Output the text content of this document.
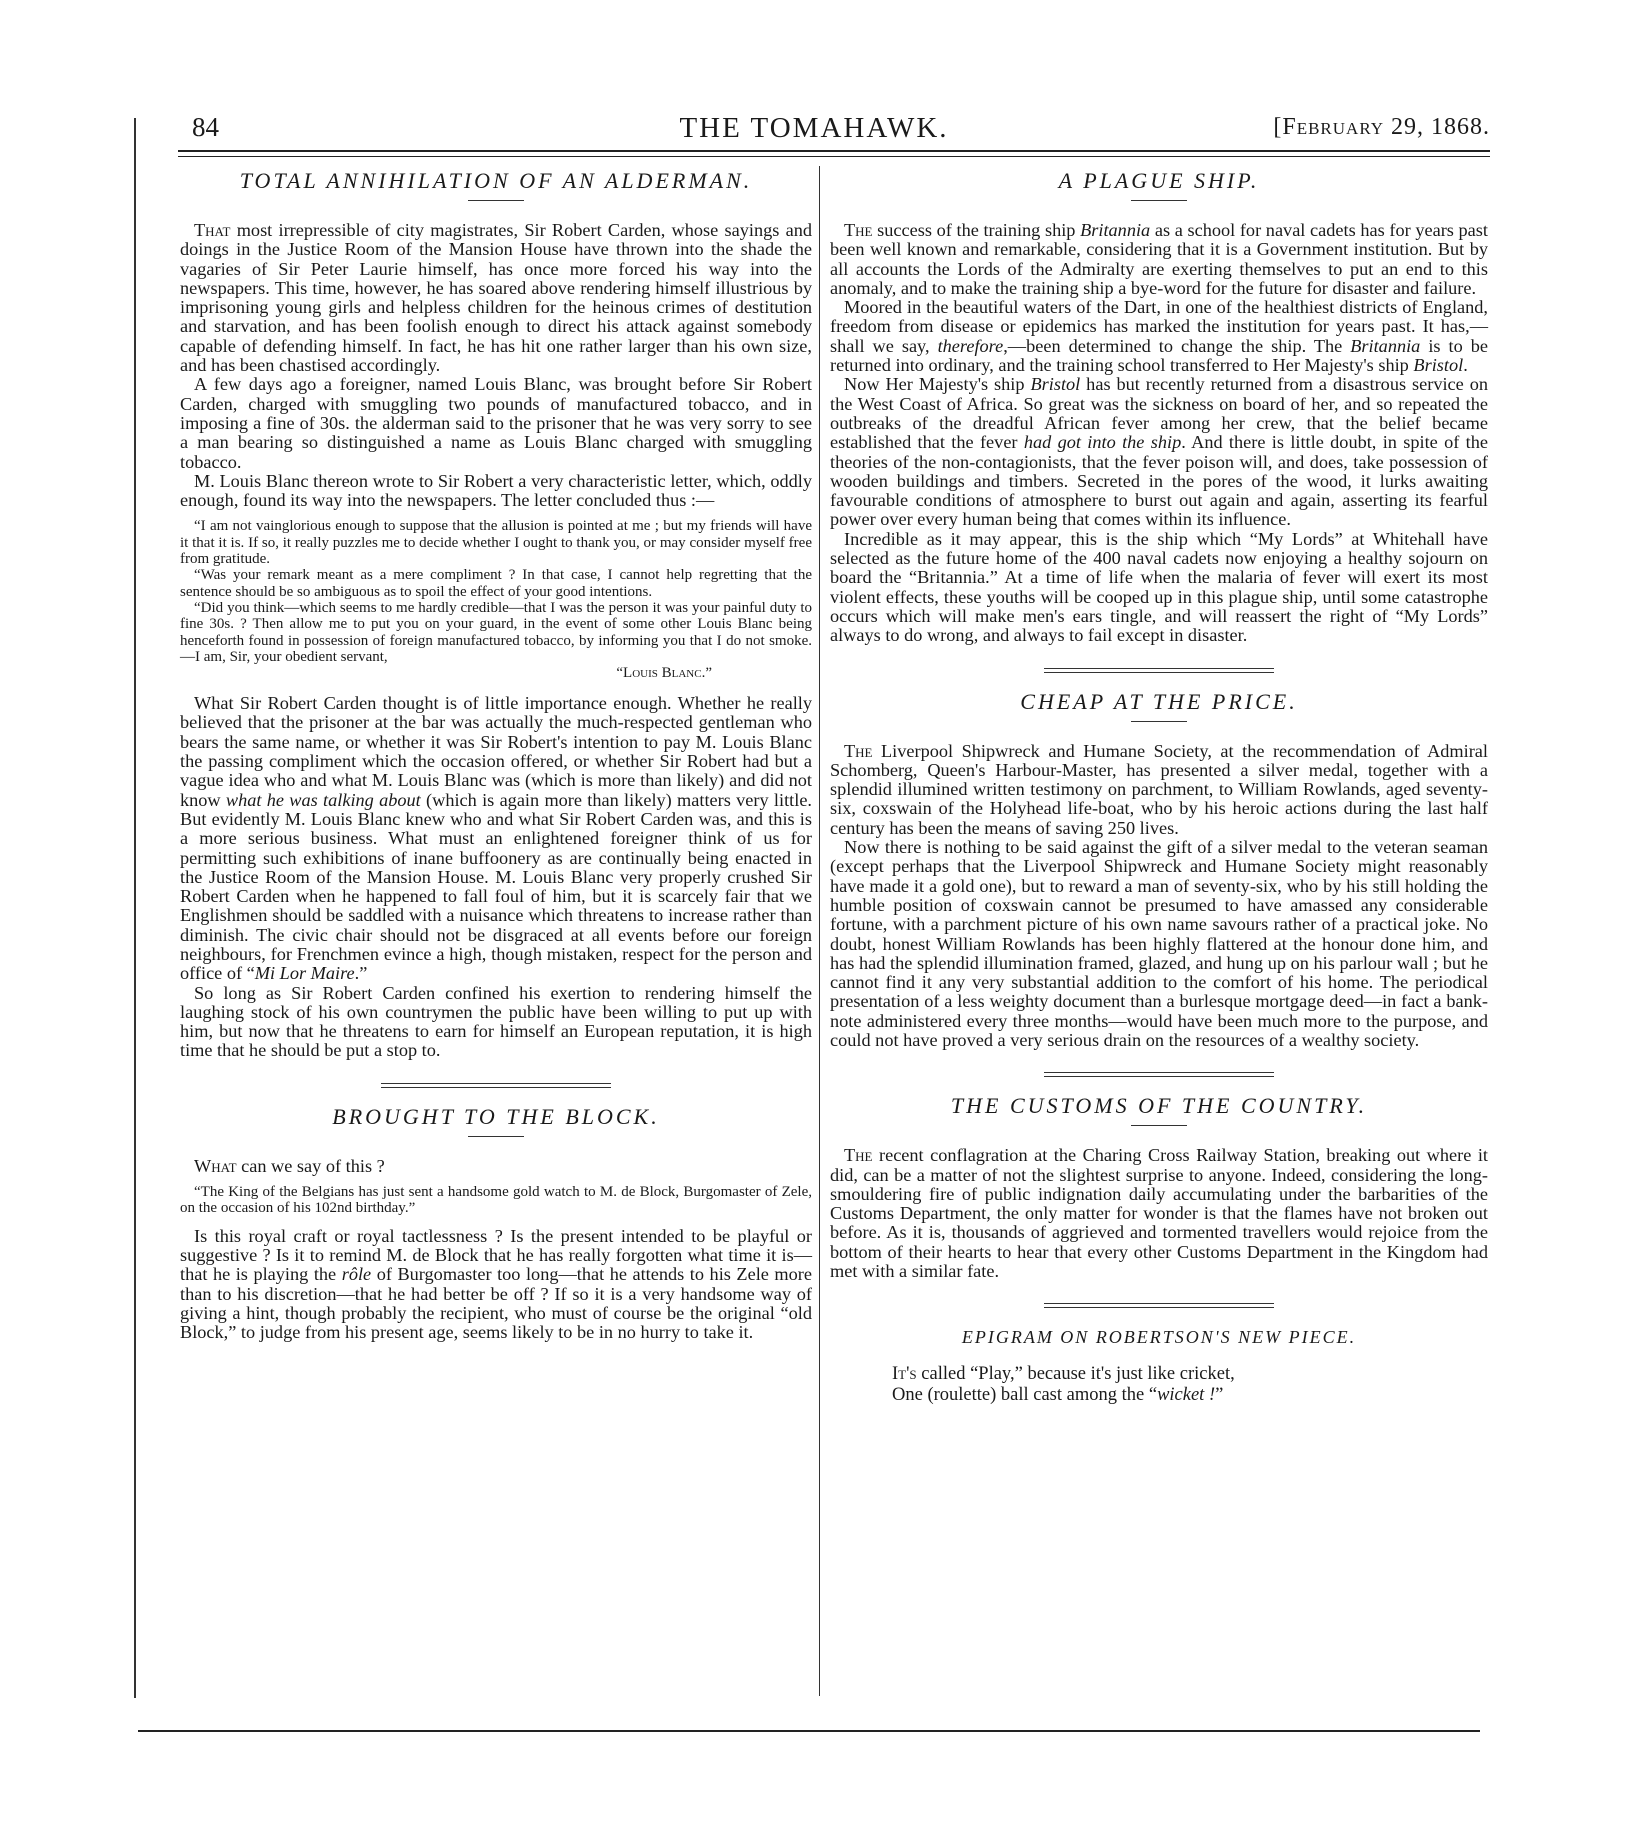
84	THE TOMAHAWK.	[February 29, 1868.
TOTAL ANNIHILATION OF AN ALDERMAN.

That most irrepressible of city magistrates, Sir Robert Carden, whose sayings and doings in the Justice Room of the Mansion House have thrown into the shade the vagaries of Sir Peter Laurie himself, has once more forced his way into the newspapers. This time, however, he has soared above rendering himself illustrious by imprisoning young girls and helpless children for the heinous crimes of destitution and starvation, and has been foolish enough to direct his attack against somebody capable of defending himself. In fact, he has hit one rather larger than his own size, and has been chastised accordingly.

A few days ago a foreigner, named Louis Blanc, was brought before Sir Robert Carden, charged with smuggling two pounds of manufactured tobacco, and in imposing a fine of 30s. the alderman said to the prisoner that he was very sorry to see a man bearing so distinguished a name as Louis Blanc charged with smuggling tobacco.

M. Louis Blanc thereon wrote to Sir Robert a very characteristic letter, which, oddly enough, found its way into the newspapers. The letter concluded thus :—

“I am not vainglorious enough to suppose that the allusion is pointed at me ; but my friends will have it that it is. If so, it really puzzles me to decide whether I ought to thank you, or may consider myself free from gratitude.

“Was your remark meant as a mere compliment ? In that case, I cannot help regretting that the sentence should be so ambiguous as to spoil the effect of your good intentions.

“Did you think—which seems to me hardly credible—that I was the person it was your painful duty to fine 30s. ? Then allow me to put you on your guard, in the event of some other Louis Blanc being henceforth found in possession of foreign manufactured tobacco, by informing you that I do not smoke.—I am, Sir, your obedient servant,

“Louis Blanc.”

What Sir Robert Carden thought is of little importance enough. Whether he really believed that the prisoner at the bar was actually the much-respected gentleman who bears the same name, or whether it was Sir Robert's intention to pay M. Louis Blanc the passing compliment which the occasion offered, or whether Sir Robert had but a vague idea who and what M. Louis Blanc was (which is more than likely) and did not know what he was talking about (which is again more than likely) matters very little. But evidently M. Louis Blanc knew who and what Sir Robert Carden was, and this is a more serious business. What must an enlightened foreigner think of us for permitting such exhibitions of inane buffoonery as are continually being enacted in the Justice Room of the Mansion House. M. Louis Blanc very properly crushed Sir Robert Carden when he happened to fall foul of him, but it is scarcely fair that we Englishmen should be saddled with a nuisance which threatens to increase rather than diminish. The civic chair should not be disgraced at all events before our foreign neighbours, for Frenchmen evince a high, though mistaken, respect for the person and office of “Mi Lor Maire.”

So long as Sir Robert Carden confined his exertion to rendering himself the laughing stock of his own countrymen the public have been willing to put up with him, but now that he threatens to earn for himself an European reputation, it is high time that he should be put a stop to.

BROUGHT TO THE BLOCK.

What can we say of this ?

“The King of the Belgians has just sent a handsome gold watch to M. de Block, Burgomaster of Zele, on the occasion of his 102nd birthday.”

Is this royal craft or royal tactlessness ? Is the present intended to be playful or suggestive ? Is it to remind M. de Block that he has really forgotten what time it is—that he is playing the rôle of Burgomaster too long—that he attends to his Zele more than to his discretion—that he had better be off ? If so it is a very handsome way of giving a hint, though probably the recipient, who must of course be the original “old Block,” to judge from his present age, seems likely to be in no hurry to take it.

A PLAGUE SHIP.

The success of the training ship Britannia as a school for naval cadets has for years past been well known and remarkable, considering that it is a Government institution. But by all accounts the Lords of the Admiralty are exerting themselves to put an end to this anomaly, and to make the training ship a bye-word for the future for disaster and failure.

Moored in the beautiful waters of the Dart, in one of the healthiest districts of England, freedom from disease or epidemics has marked the institution for years past. It has,—shall we say, therefore,—been determined to change the ship. The Britannia is to be returned into ordinary, and the training school transferred to Her Majesty's ship Bristol.

Now Her Majesty's ship Bristol has but recently returned from a disastrous service on the West Coast of Africa. So great was the sickness on board of her, and so repeated the outbreaks of the dreadful African fever among her crew, that the belief became established that the fever had got into the ship. And there is little doubt, in spite of the theories of the non-contagionists, that the fever poison will, and does, take possession of wooden buildings and timbers. Secreted in the pores of the wood, it lurks awaiting favourable conditions of atmosphere to burst out again and again, asserting its fearful power over every human being that comes within its influence.

Incredible as it may appear, this is the ship which “My Lords” at Whitehall have selected as the future home of the 400 naval cadets now enjoying a healthy sojourn on board the “Britannia.” At a time of life when the malaria of fever will exert its most violent effects, these youths will be cooped up in this plague ship, until some catastrophe occurs which will make men's ears tingle, and will reassert the right of “My Lords” always to do wrong, and always to fail except in disaster.

CHEAP AT THE PRICE.

The Liverpool Shipwreck and Humane Society, at the recommendation of Admiral Schomberg, Queen's Harbour-Master, has presented a silver medal, together with a splendid illumined written testimony on parchment, to William Rowlands, aged seventy-six, coxswain of the Holyhead life-boat, who by his heroic actions during the last half century has been the means of saving 250 lives.

Now there is nothing to be said against the gift of a silver medal to the veteran seaman (except perhaps that the Liverpool Shipwreck and Humane Society might reasonably have made it a gold one), but to reward a man of seventy-six, who by his still holding the humble position of coxswain cannot be presumed to have amassed any considerable fortune, with a parchment picture of his own name savours rather of a practical joke. No doubt, honest William Rowlands has been highly flattered at the honour done him, and has had the splendid illumination framed, glazed, and hung up on his parlour wall ; but he cannot find it any very substantial addition to the comfort of his home. The periodical presentation of a less weighty document than a burlesque mortgage deed—in fact a bank-note administered every three months—would have been much more to the purpose, and could not have proved a very serious drain on the resources of a wealthy society.

THE CUSTOMS OF THE COUNTRY.

The recent conflagration at the Charing Cross Railway Station, breaking out where it did, can be a matter of not the slightest surprise to anyone. Indeed, considering the long-smouldering fire of public indignation daily accumulating under the barbarities of the Customs Department, the only matter for wonder is that the flames have not broken out before. As it is, thousands of aggrieved and tormented travellers would rejoice from the bottom of their hearts to hear that every other Customs Department in the Kingdom had met with a similar fate.

EPIGRAM ON ROBERTSON'S NEW PIECE.
It's called “Play,” because it's just like cricket,
One (roulette) ball cast among the “wicket !”
